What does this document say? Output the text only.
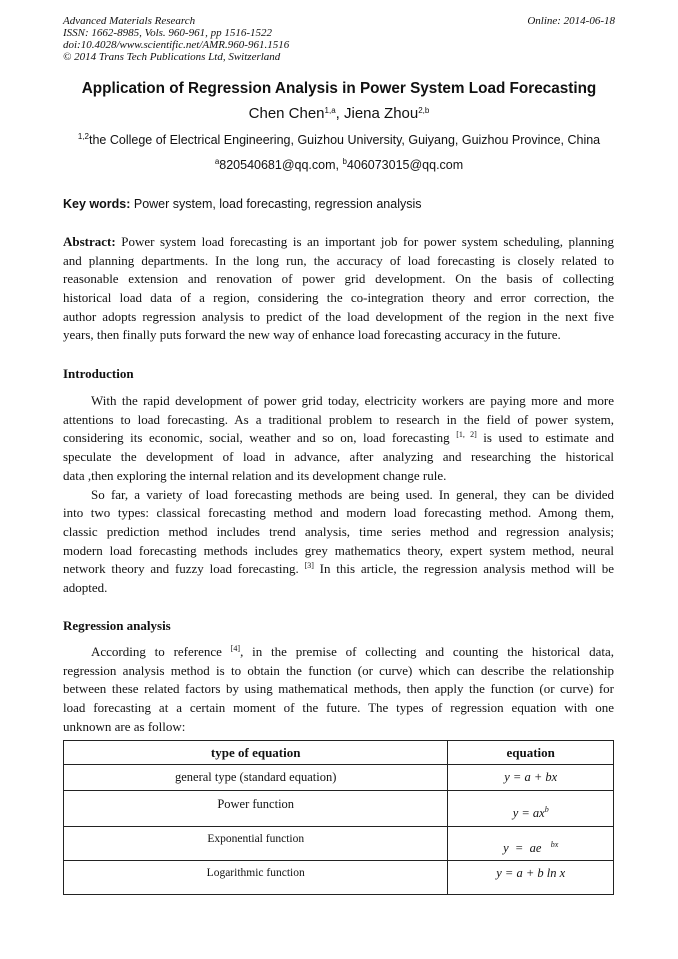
Advanced Materials Research
ISSN: 1662-8985, Vols. 960-961, pp 1516-1522
doi:10.4028/www.scientific.net/AMR.960-961.1516
© 2014 Trans Tech Publications Ltd, Switzerland
Online: 2014-06-18
Application of Regression Analysis in Power System Load Forecasting
Chen Chen$^{1,a}$, Jiena Zhou$^{2,b}$
$^{1,2}$the College of Electrical Engineering, Guizhou University, Guiyang, Guizhou Province, China
$^a$820540681@qq.com, $^b$406073015@qq.com
Key words: Power system, load forecasting, regression analysis
Abstract: Power system load forecasting is an important job for power system scheduling, planning
and planning departments. In the long run, the accuracy of load forecasting is closely related to
reasonable extension and renovation of power grid development. On the basis of collecting
historical load data of a region, considering the co-integration theory and error correction, the
author adopts regression analysis to predict of the load development of the region in the next five
years, then finally puts forward the new way of enhance load forecasting accuracy in the future.
Introduction
With the rapid development of power grid today, electricity workers are paying more and more
attentions to load forecasting. As a traditional problem to research in the field of power system,
considering its economic, social, weather and so on, load forecasting [1, 2] is used to estimate and
speculate the development of load in advance, after analyzing and researching the historical
data ,then exploring the internal relation and its development change rule.
So far, a variety of load forecasting methods are being used. In general, they can be divided
into two types: classical forecasting method and modern load forecasting method. Among them,
classic prediction method includes trend analysis, time series method and regression analysis;
modern load forecasting methods includes grey mathematics theory, expert system method, neural
network theory and fuzzy load forecasting. [3] In this article, the regression analysis method will be
adopted.
Regression analysis
According to reference [4], in the premise of collecting and counting the historical data,
regression analysis method is to obtain the function (or curve) which can describe the relationship
between these related factors by using mathematical methods, then apply the function (or curve) for
load forecasting at a certain moment of the future. The types of regression equation with one
unknown are as follow:
type of equation	equation
general type (standard equation)	y = a + bx
Power function	$y = ax^b$
Exponential function	y  =  ae $^{bx}$
Logarithmic function	y = a + b ln x
